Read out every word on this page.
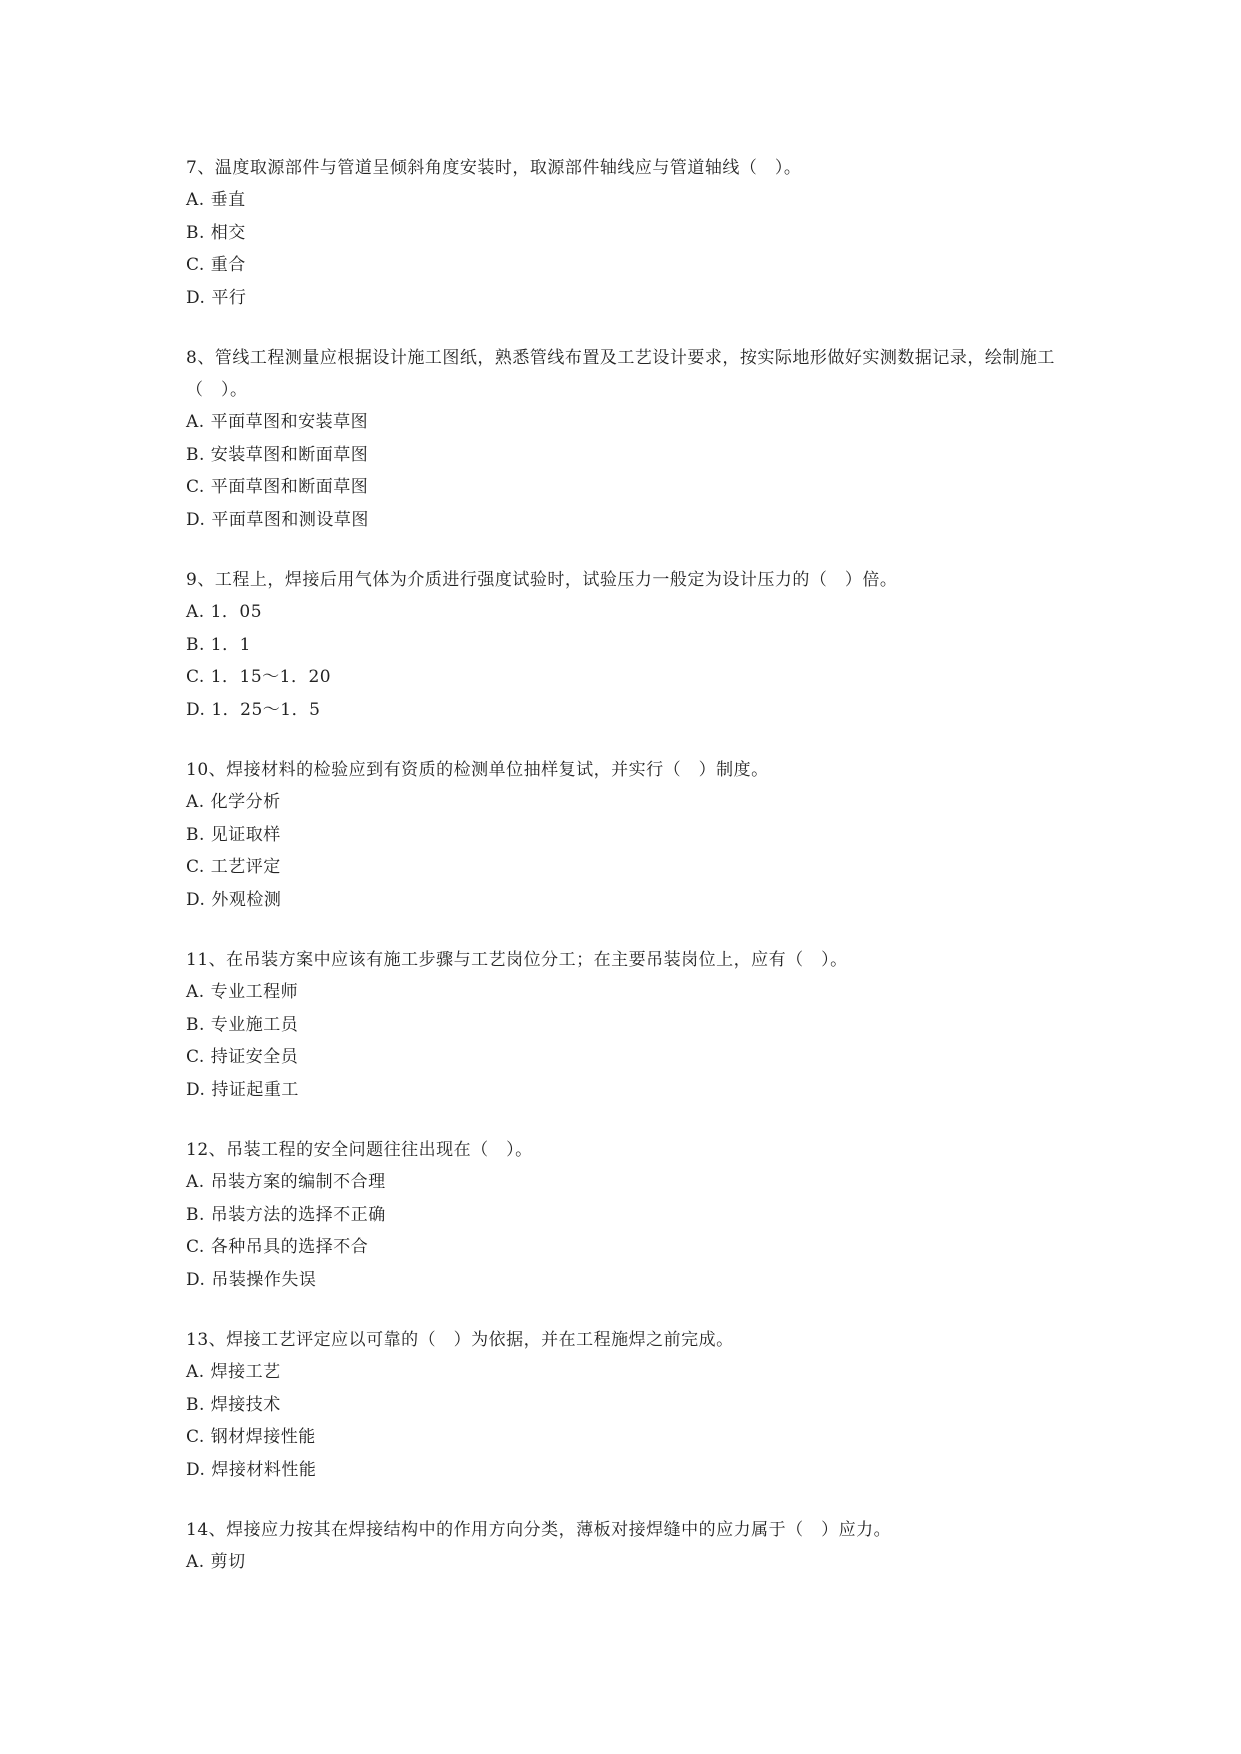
7、温度取源部件与管道呈倾斜角度安装时，取源部件轴线应与管道轴线（　）。

A. 垂直

B. 相交

C. 重合

D. 平行

8、管线工程测量应根据设计施工图纸，熟悉管线布置及工艺设计要求，按实际地形做好实测数据记录，绘制施工（　）。

A. 平面草图和安装草图

B. 安装草图和断面草图

C. 平面草图和断面草图

D. 平面草图和测设草图

9、工程上，焊接后用气体为介质进行强度试验时，试验压力一般定为设计压力的（　）倍。

A. 1．05

B. 1．1

C. 1．15～1．20

D. 1．25～1．5

10、焊接材料的检验应到有资质的检测单位抽样复试，并实行（　）制度。

A. 化学分析

B. 见证取样

C. 工艺评定

D. 外观检测

11、在吊装方案中应该有施工步骤与工艺岗位分工；在主要吊装岗位上，应有（　）。

A. 专业工程师

B. 专业施工员

C. 持证安全员

D. 持证起重工

12、吊装工程的安全问题往往出现在（　）。

A. 吊装方案的编制不合理

B. 吊装方法的选择不正确

C. 各种吊具的选择不合

D. 吊装操作失误

13、焊接工艺评定应以可靠的（　）为依据，并在工程施焊之前完成。

A. 焊接工艺

B. 焊接技术

C. 钢材焊接性能

D. 焊接材料性能

14、焊接应力按其在焊接结构中的作用方向分类，薄板对接焊缝中的应力属于（　）应力。

A. 剪切
